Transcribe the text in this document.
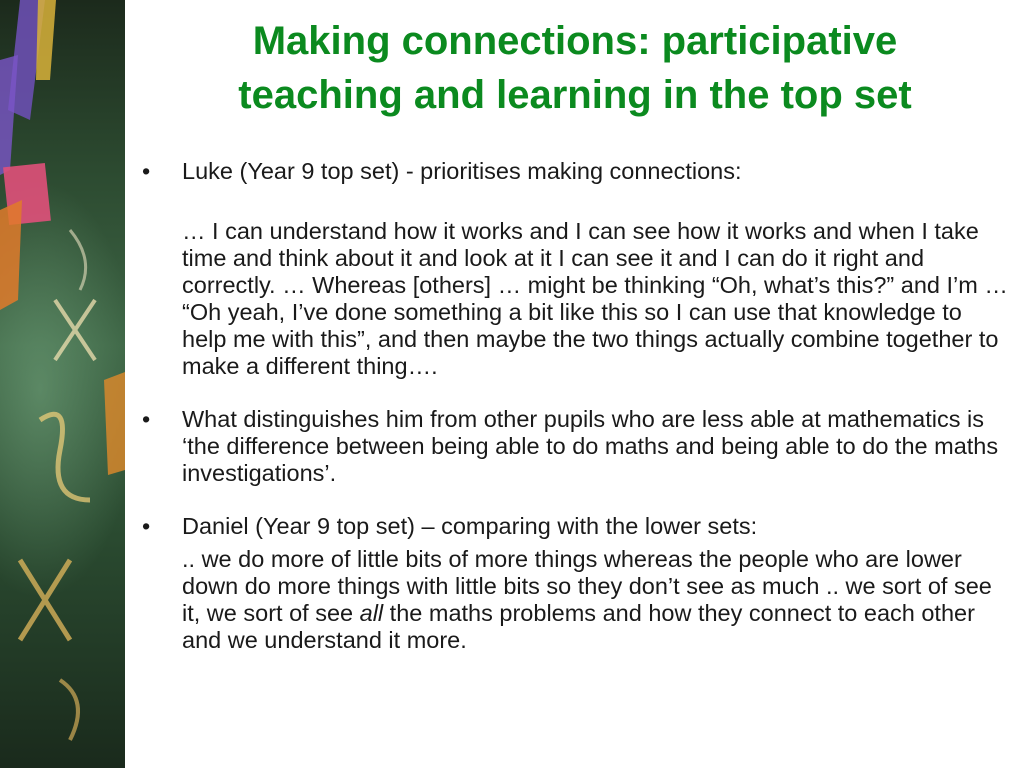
Making connections: participative
teaching and learning in the top set

• Luke (Year 9 top set) - prioritises making connections:

… I can understand how it works and I can see how it works and when I take time and think about it and look at it I can see it and I can do it right and correctly. … Whereas [others] … might be thinking “Oh, what’s this?” and I’m … “Oh yeah, I’ve done something a bit like this so I can use that knowledge to help me with this”, and then maybe the two things actually combine together to make a different thing….

• What distinguishes him from other pupils who are less able at mathematics is ‘the difference between being able to do maths and being able to do the maths investigations’.

• Daniel (Year 9 top set) – comparing with the lower sets:

.. we do more of little bits of more things whereas the people who are lower down do more things with little bits so they don’t see as much .. we sort of see it, we sort of see all the maths problems and how they connect to each other and we understand it more.
